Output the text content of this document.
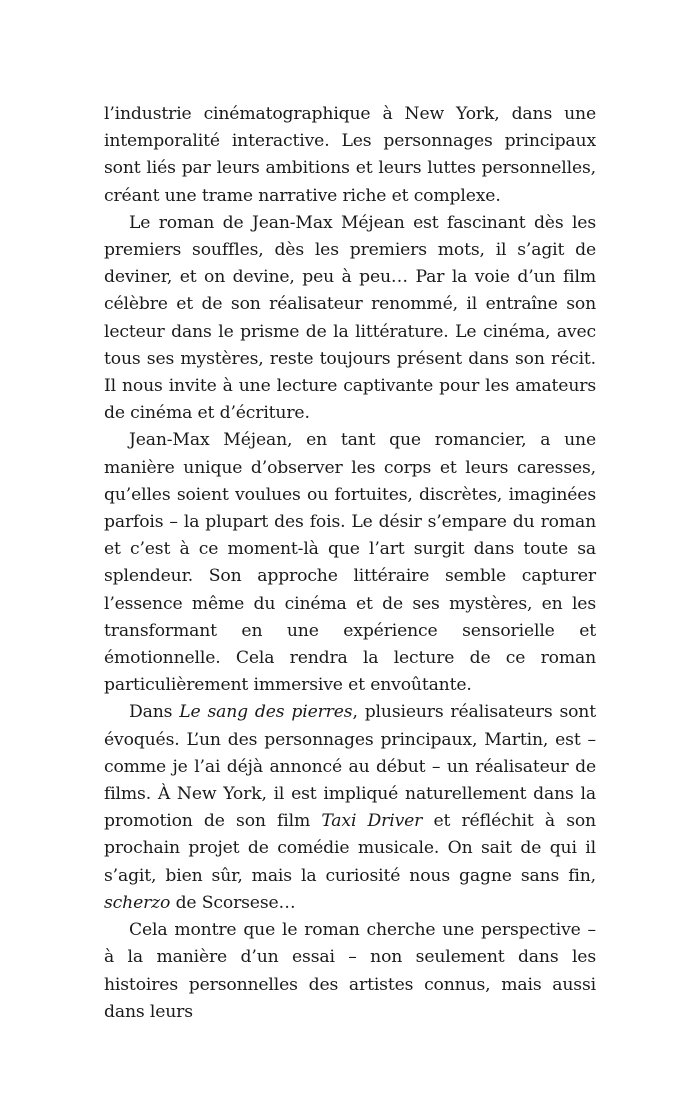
l’industrie cinématographique à New York, dans une intemporalité interactive. Les personnages principaux sont liés par leurs ambitions et leurs luttes personnelles, créant une trame narrative riche et complexe.

Le roman de Jean-Max Méjean est fascinant dès les premiers souffles, dès les premiers mots, il s’agit de deviner, et on devine, peu à peu… Par la voie d’un film célèbre et de son réalisateur renommé, il entraîne son lecteur dans le prisme de la littérature. Le cinéma, avec tous ses mystères, reste toujours présent dans son récit. Il nous invite à une lecture captivante pour les amateurs de cinéma et d’écriture.

Jean-Max Méjean, en tant que romancier, a une manière unique d’observer les corps et leurs caresses, qu’elles soient voulues ou fortuites, discrètes, imaginées parfois – la plupart des fois. Le désir s’empare du roman et c’est à ce moment-là que l’art surgit dans toute sa splendeur. Son approche littéraire semble capturer l’essence même du cinéma et de ses mystères, en les transformant en une expérience sensorielle et émotionnelle. Cela rendra la lecture de ce roman particulièrement immersive et envoûtante.

Dans Le sang des pierres, plusieurs réalisateurs sont évoqués. L’un des personnages principaux, Martin, est – comme je l’ai déjà annoncé au début – un réalisateur de films. À New York, il est impliqué naturellement dans la promotion de son film Taxi Driver et réfléchit à son prochain projet de comédie musicale. On sait de qui il s’agit, bien sûr, mais la curiosité nous gagne sans fin, scherzo de Scorsese…

Cela montre que le roman cherche une perspective – à la manière d’un essai – non seulement dans les histoires personnelles des artistes connus, mais aussi dans leurs
